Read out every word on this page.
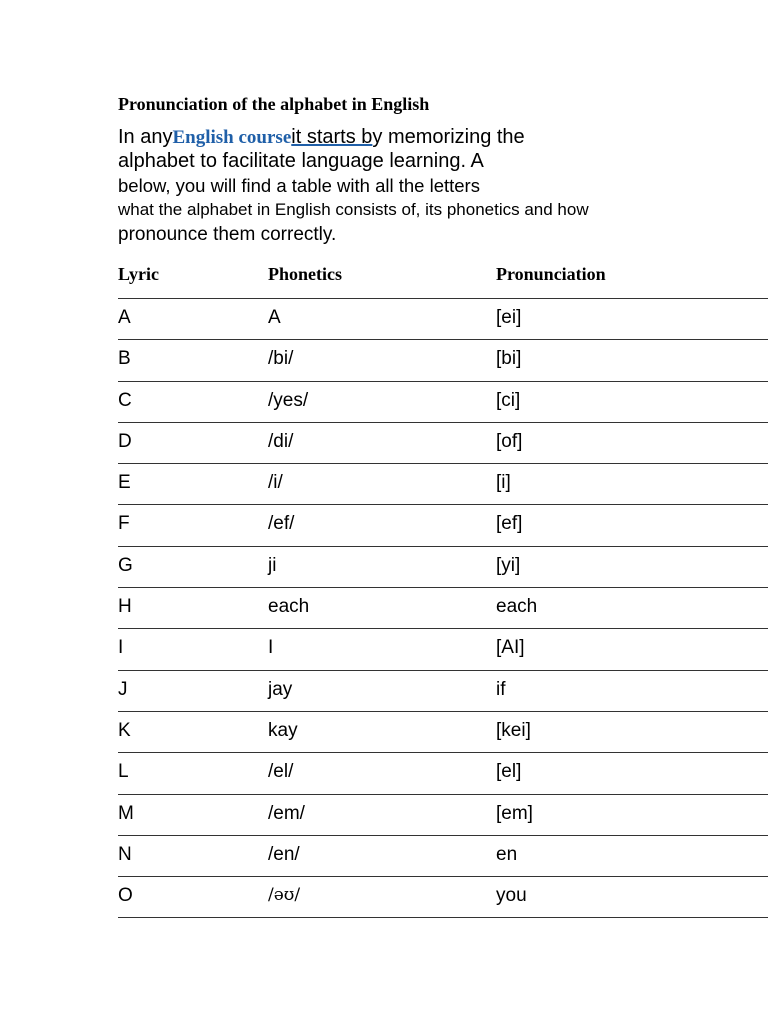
Pronunciation of the alphabet in English
In anyEnglish courseit starts by memorizing the
alphabet to facilitate language learning. A
below, you will find a table with all the letters
what the alphabet in English consists of, its phonetics and how
pronounce them correctly.
Lyric	Phonetics	Pronunciation
A	A	[ei]
B	/bi/	[bi]
C	/yes/	[ci]
D	/di/	[of]
E	/i/	[i]
F	/ef/	[ef]
G	ji	[yi]
H	each	each
I	I	[AI]
J	jay	if
K	kay	[kei]
L	/el/	[el]
M	/em/	[em]
N	/en/	en
O	/əʊ/	you
